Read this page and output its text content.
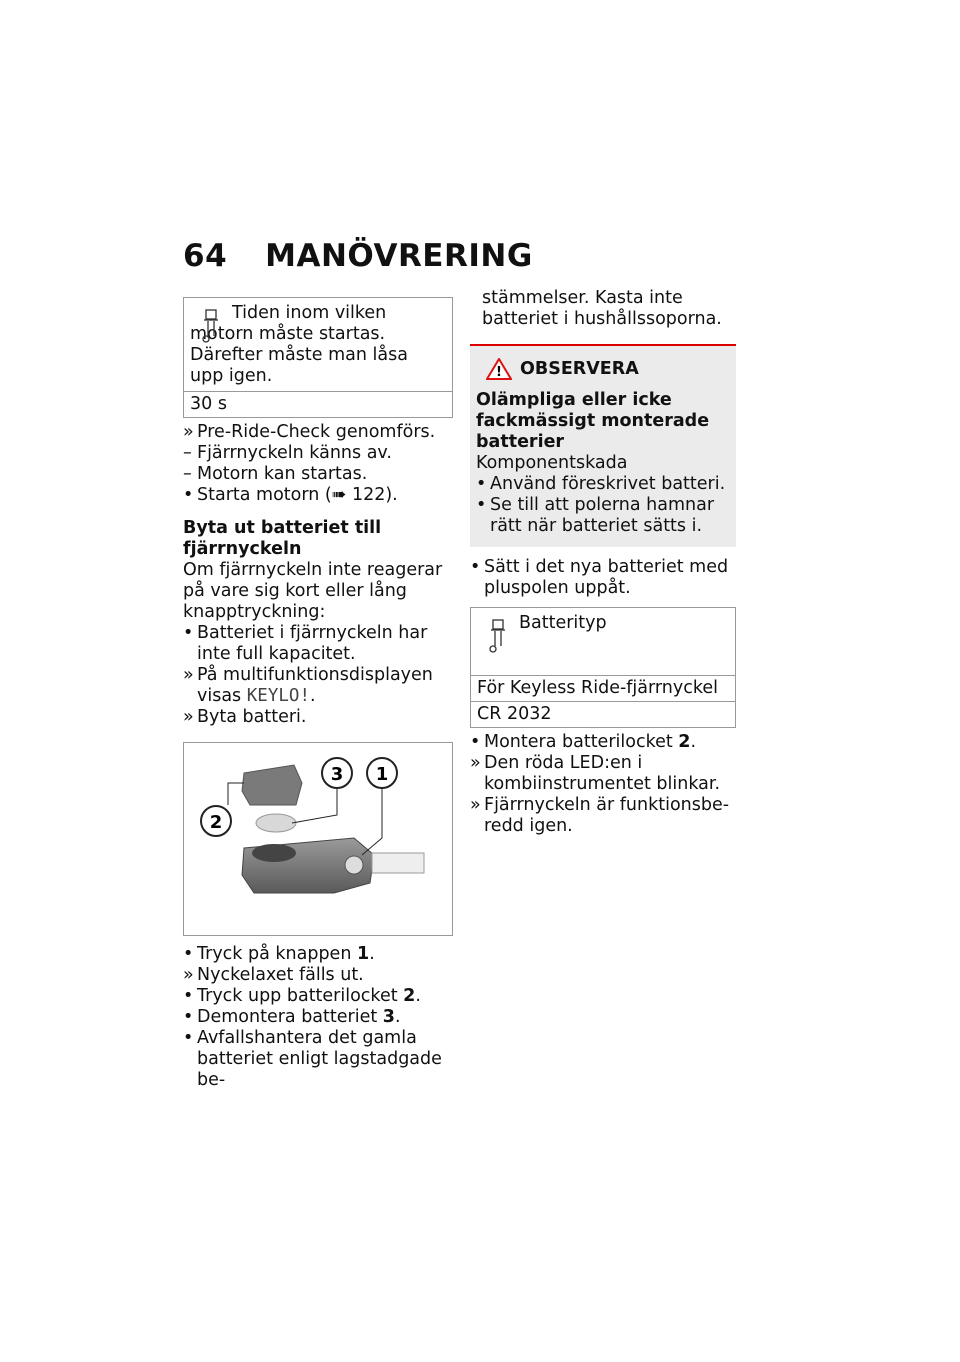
64 MANÖVRERING
Tiden inom vilken motorn måste startas. Därefter måste man låsa upp igen.
30 s
» Pre-Ride-Check genomförs.
– Fjärrnyckeln känns av.
– Motorn kan startas.
• Starta motorn (➠ 122).
Byta ut batteriet till fjärrnyckeln
Om fjärrnyckeln inte reagerar på vare sig kort eller lång knapptryckning:
• Batteriet i fjärrnyckeln har inte full kapacitet.
» På multifunktionsdisplayen visas KEYLO!.
» Byta batteri.
2
3 1
• Tryck på knappen 1.
» Nyckelaxet fälls ut.
• Tryck upp batterilocket 2.
• Demontera batteriet 3.
• Avfallshantera det gamla batteriet enligt lagstadgade be-
stämmelser. Kasta inte batteriet i hushållssoporna.
! OBSERVERA
Olämpliga eller icke fackmässigt monterade batterier
Komponentskada
• Använd föreskrivet batteri.
• Se till att polerna hamnar rätt när batteriet sätts i.
• Sätt i det nya batteriet med pluspolen uppåt.
Batterityp
För Keyless Ride-fjärrnyckel
CR 2032
• Montera batterilocket 2.
» Den röda LED:en i kombiinstrumentet blinkar.
» Fjärrnyckeln är funktionsbe-redd igen.
